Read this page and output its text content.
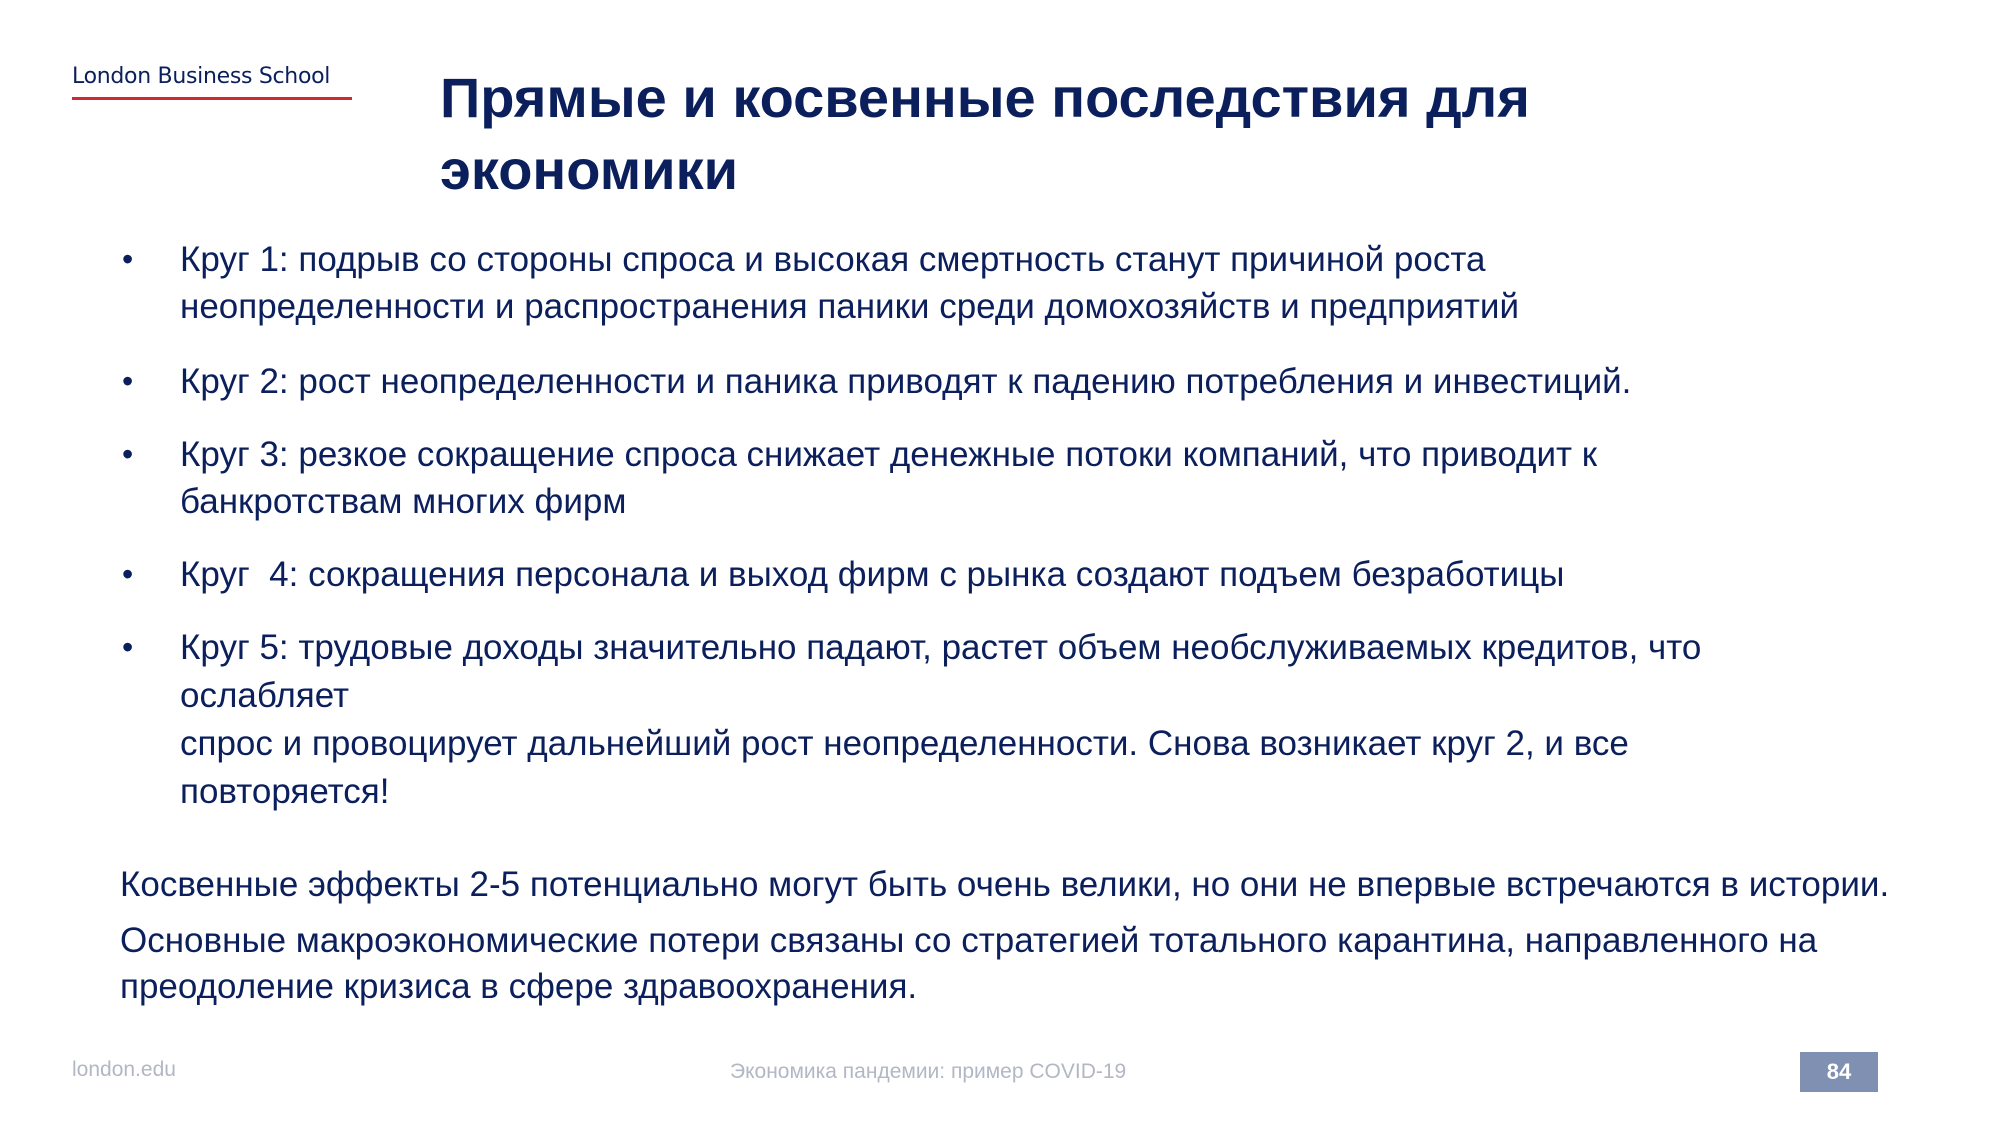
London Business School	Прямые и косвенные последствия для экономики
• Круг 1: подрыв со стороны спроса и высокая смертность станут причиной роста
неопределенности и распространения паники среди домохозяйств и предприятий
• Круг 2: рост неопределенности и паника приводят к падению потребления и инвестиций.
• Круг 3: резкое сокращение спроса снижает денежные потоки компаний, что приводит к
банкротствам многих фирм
• Круг  4: сокращения персонала и выход фирм с рынка создают подъем безработицы
• Круг 5: трудовые доходы значительно падают, растет объем необслуживаемых кредитов, что
ослабляет
спрос и провоцирует дальнейший рост неопределенности. Снова возникает круг 2, и все
повторяется!

Косвенные эффекты 2-5 потенциально могут быть очень велики, но они не впервые встречаются в истории.

Основные макроэкономические потери связаны со стратегией тотального карантина, направленного на преодоление кризиса в сфере здравоохранения.

london.edu	Экономика пандемии: пример COVID-19	84
